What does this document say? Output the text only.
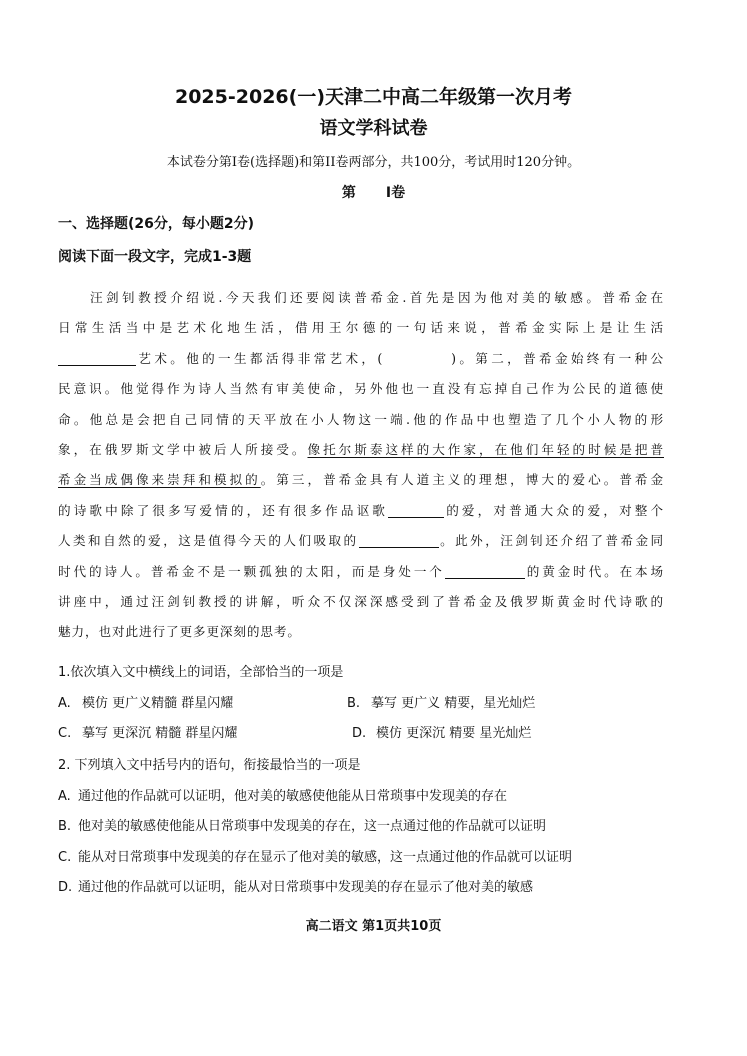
2025-2026(一)天津二中高二年级第一次月考
语文学科试卷
本试卷分第I卷(选择题)和第II卷两部分，共100分，考试用时120分钟。
第 I卷
一、选择题(26分，每小题2分)
阅读下面一段文字，完成1-3题
汪剑钊教授介绍说.今天我们还要阅读普希金.首先是因为他对美的敏感。普希金在
日常生活当中是艺术化地生活，借用王尔德的一句话来说，普希金实际上是让生活
艺术。他的一生都活得非常艺术，(	)。第二，普希金始终有一种公
民意识。他觉得作为诗人当然有审美使命，另外他也一直没有忘掉自己作为公民的道德使
命。他总是会把自己同情的天平放在小人物这一端.他的作品中也塑造了几个小人物的形
象，在俄罗斯文学中被后人所接受。像托尔斯泰这样的大作家，在他们年轻的时候是把普
希金当成偶像来崇拜和模拟的。第三，普希金具有人道主义的理想，博大的爱心。普希金
的诗歌中除了很多写爱情的，还有很多作品讴歌	的爱，对普通大众的爱，对整个
人类和自然的爱，这是值得今天的人们吸取的	。此外，汪剑钊还介绍了普希金同
时代的诗人。普希金不是一颗孤独的太阳，而是身处一个	的黄金时代。在本场
讲座中，通过汪剑钊教授的讲解，听众不仅深深感受到了普希金及俄罗斯黄金时代诗歌的
魅力，也对此进行了更多更深刻的思考。
1.依次填入文中横线上的词语，全部恰当的一项是
A. 模仿 更广义精髓 群星闪耀	B. 摹写 更广义 精要，星光灿烂
C. 摹写 更深沉 精髓 群星闪耀	D. 模仿 更深沉 精要 星光灿烂
2. 下列填入文中括号内的语句，衔接最恰当的一项是
A. 通过他的作品就可以证明，他对美的敏感使他能从日常琐事中发现美的存在
B. 他对美的敏感使他能从日常琐事中发现美的存在，这一点通过他的作品就可以证明
C. 能从对日常琐事中发现美的存在显示了他对美的敏感，这一点通过他的作品就可以证明
D. 通过他的作品就可以证明，能从对日常琐事中发现美的存在显示了他对美的敏感
高二语文 第1页共10页
